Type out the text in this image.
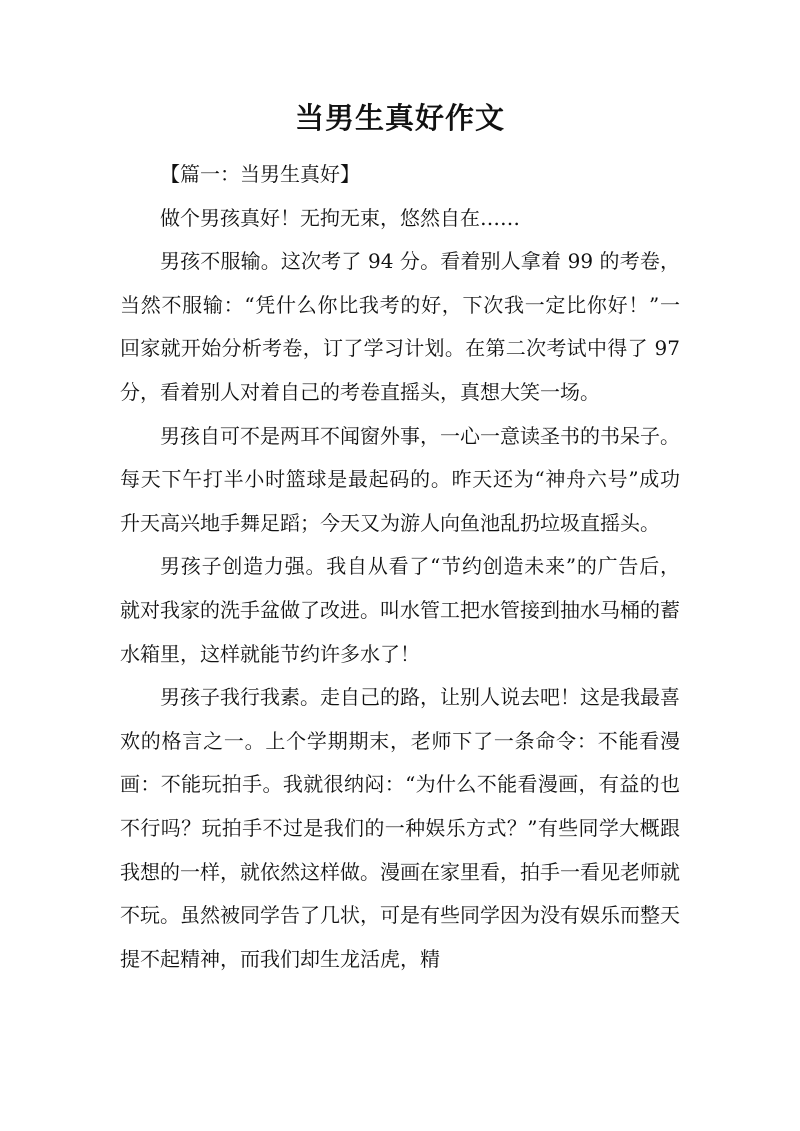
当男生真好作文

【篇一：当男生真好】

做个男孩真好！无拘无束，悠然自在……

男孩不服输。这次考了 94 分。看着别人拿着 99 的考卷，当然不服输：“凭什么你比我考的好，下次我一定比你好！”一回家就开始分析考卷，订了学习计划。在第二次考试中得了 97 分，看着别人对着自己的考卷直摇头，真想大笑一场。

男孩自可不是两耳不闻窗外事，一心一意读圣书的书呆子。每天下午打半小时篮球是最起码的。昨天还为“神舟六号”成功升天高兴地手舞足蹈；今天又为游人向鱼池乱扔垃圾直摇头。

男孩子创造力强。我自从看了“节约创造未来”的广告后，就对我家的洗手盆做了改进。叫水管工把水管接到抽水马桶的蓄水箱里，这样就能节约许多水了！

男孩子我行我素。走自己的路，让别人说去吧！这是我最喜欢的格言之一。上个学期期末，老师下了一条命令：不能看漫画：不能玩拍手。我就很纳闷：“为什么不能看漫画，有益的也不行吗？玩拍手不过是我们的一种娱乐方式？”有些同学大概跟我想的一样，就依然这样做。漫画在家里看，拍手一看见老师就不玩。虽然被同学告了几状，可是有些同学因为没有娱乐而整天提不起精神，而我们却生龙活虎，精
